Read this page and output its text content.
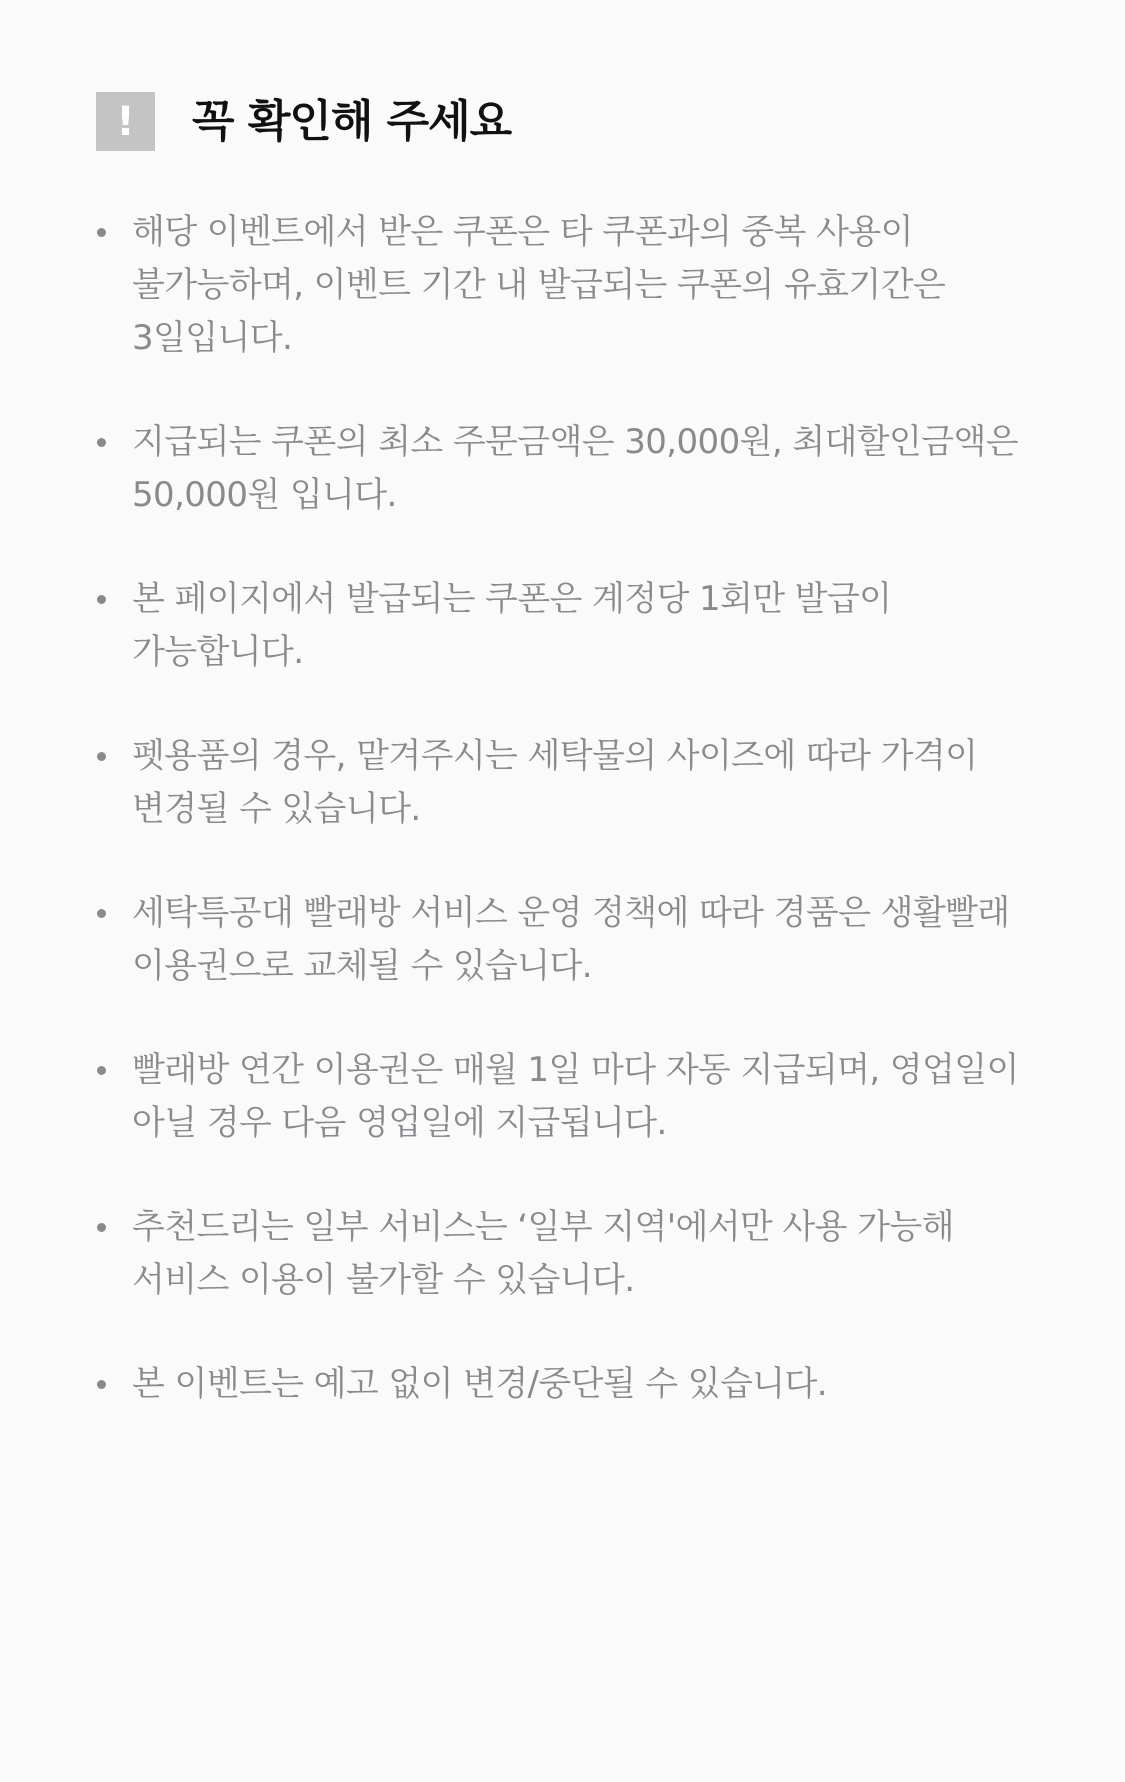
! 꼭 확인해 주세요
해당 이벤트에서 받은 쿠폰은 타 쿠폰과의 중복 사용이 불가능하며, 이벤트 기간 내 발급되는 쿠폰의 유효기간은 3일입니다.
지급되는 쿠폰의 최소 주문금액은 30,000원, 최대할인금액은 50,000원 입니다.
본 페이지에서 발급되는 쿠폰은 계정당 1회만 발급이 가능합니다.
펫용품의 경우, 맡겨주시는 세탁물의 사이즈에 따라 가격이 변경될 수 있습니다.
세탁특공대 빨래방 서비스 운영 정책에 따라 경품은 생활빨래 이용권으로 교체될 수 있습니다.
빨래방 연간 이용권은 매월 1일 마다 자동 지급되며, 영업일이 아닐 경우 다음 영업일에 지급됩니다.
추천드리는 일부 서비스는 ‘일부 지역'에서만 사용 가능해 서비스 이용이 불가할 수 있습니다.
본 이벤트는 예고 없이 변경/중단될 수 있습니다.
